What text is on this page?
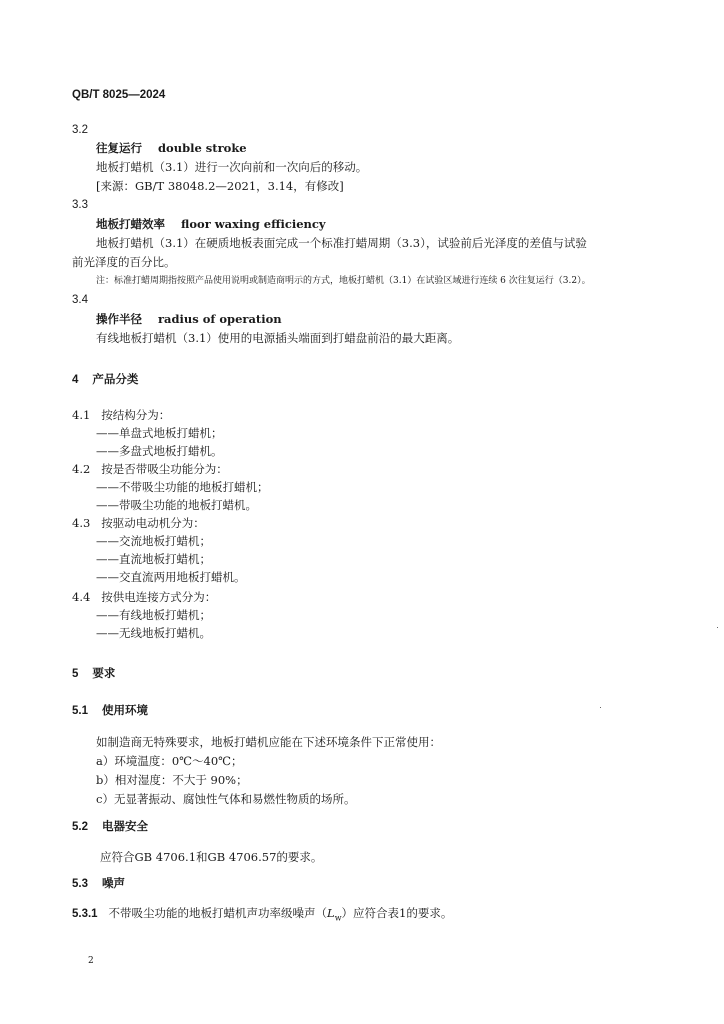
QB/T 8025—2024
3.2
往复运行 double stroke
地板打蜡机（3.1）进行一次向前和一次向后的移动。
[来源：GB/T 38048.2—2021，3.14，有修改]
3.3
地板打蜡效率 floor waxing efficiency
地板打蜡机（3.1）在硬质地板表面完成一个标准打蜡周期（3.3），试验前后光泽度的差值与试验
前光泽度的百分比。
注：标准打蜡周期指按照产品使用说明或制造商明示的方式，地板打蜡机（3.1）在试验区域进行连续 6 次往复运行（3.2）。
3.4
操作半径 radius of operation
有线地板打蜡机（3.1）使用的电源插头端面到打蜡盘前沿的最大距离。
4 产品分类
4.1 按结构分为：
——单盘式地板打蜡机；
——多盘式地板打蜡机。
4.2 按是否带吸尘功能分为：
——不带吸尘功能的地板打蜡机；
——带吸尘功能的地板打蜡机。
4.3 按驱动电动机分为：
——交流地板打蜡机；
——直流地板打蜡机；
——交直流两用地板打蜡机。
4.4 按供电连接方式分为：
——有线地板打蜡机；
——无线地板打蜡机。
5 要求
5.1 使用环境
如制造商无特殊要求，地板打蜡机应能在下述环境条件下正常使用：
a）环境温度：0℃～40℃；
b）相对湿度：不大于 90%；
c）无显著振动、腐蚀性气体和易燃性物质的场所。
5.2 电器安全
应符合GB 4706.1和GB 4706.57的要求。
5.3 噪声
5.3.1 不带吸尘功能的地板打蜡机声功率级噪声$(L_w)$应符合表1的要求。
2
